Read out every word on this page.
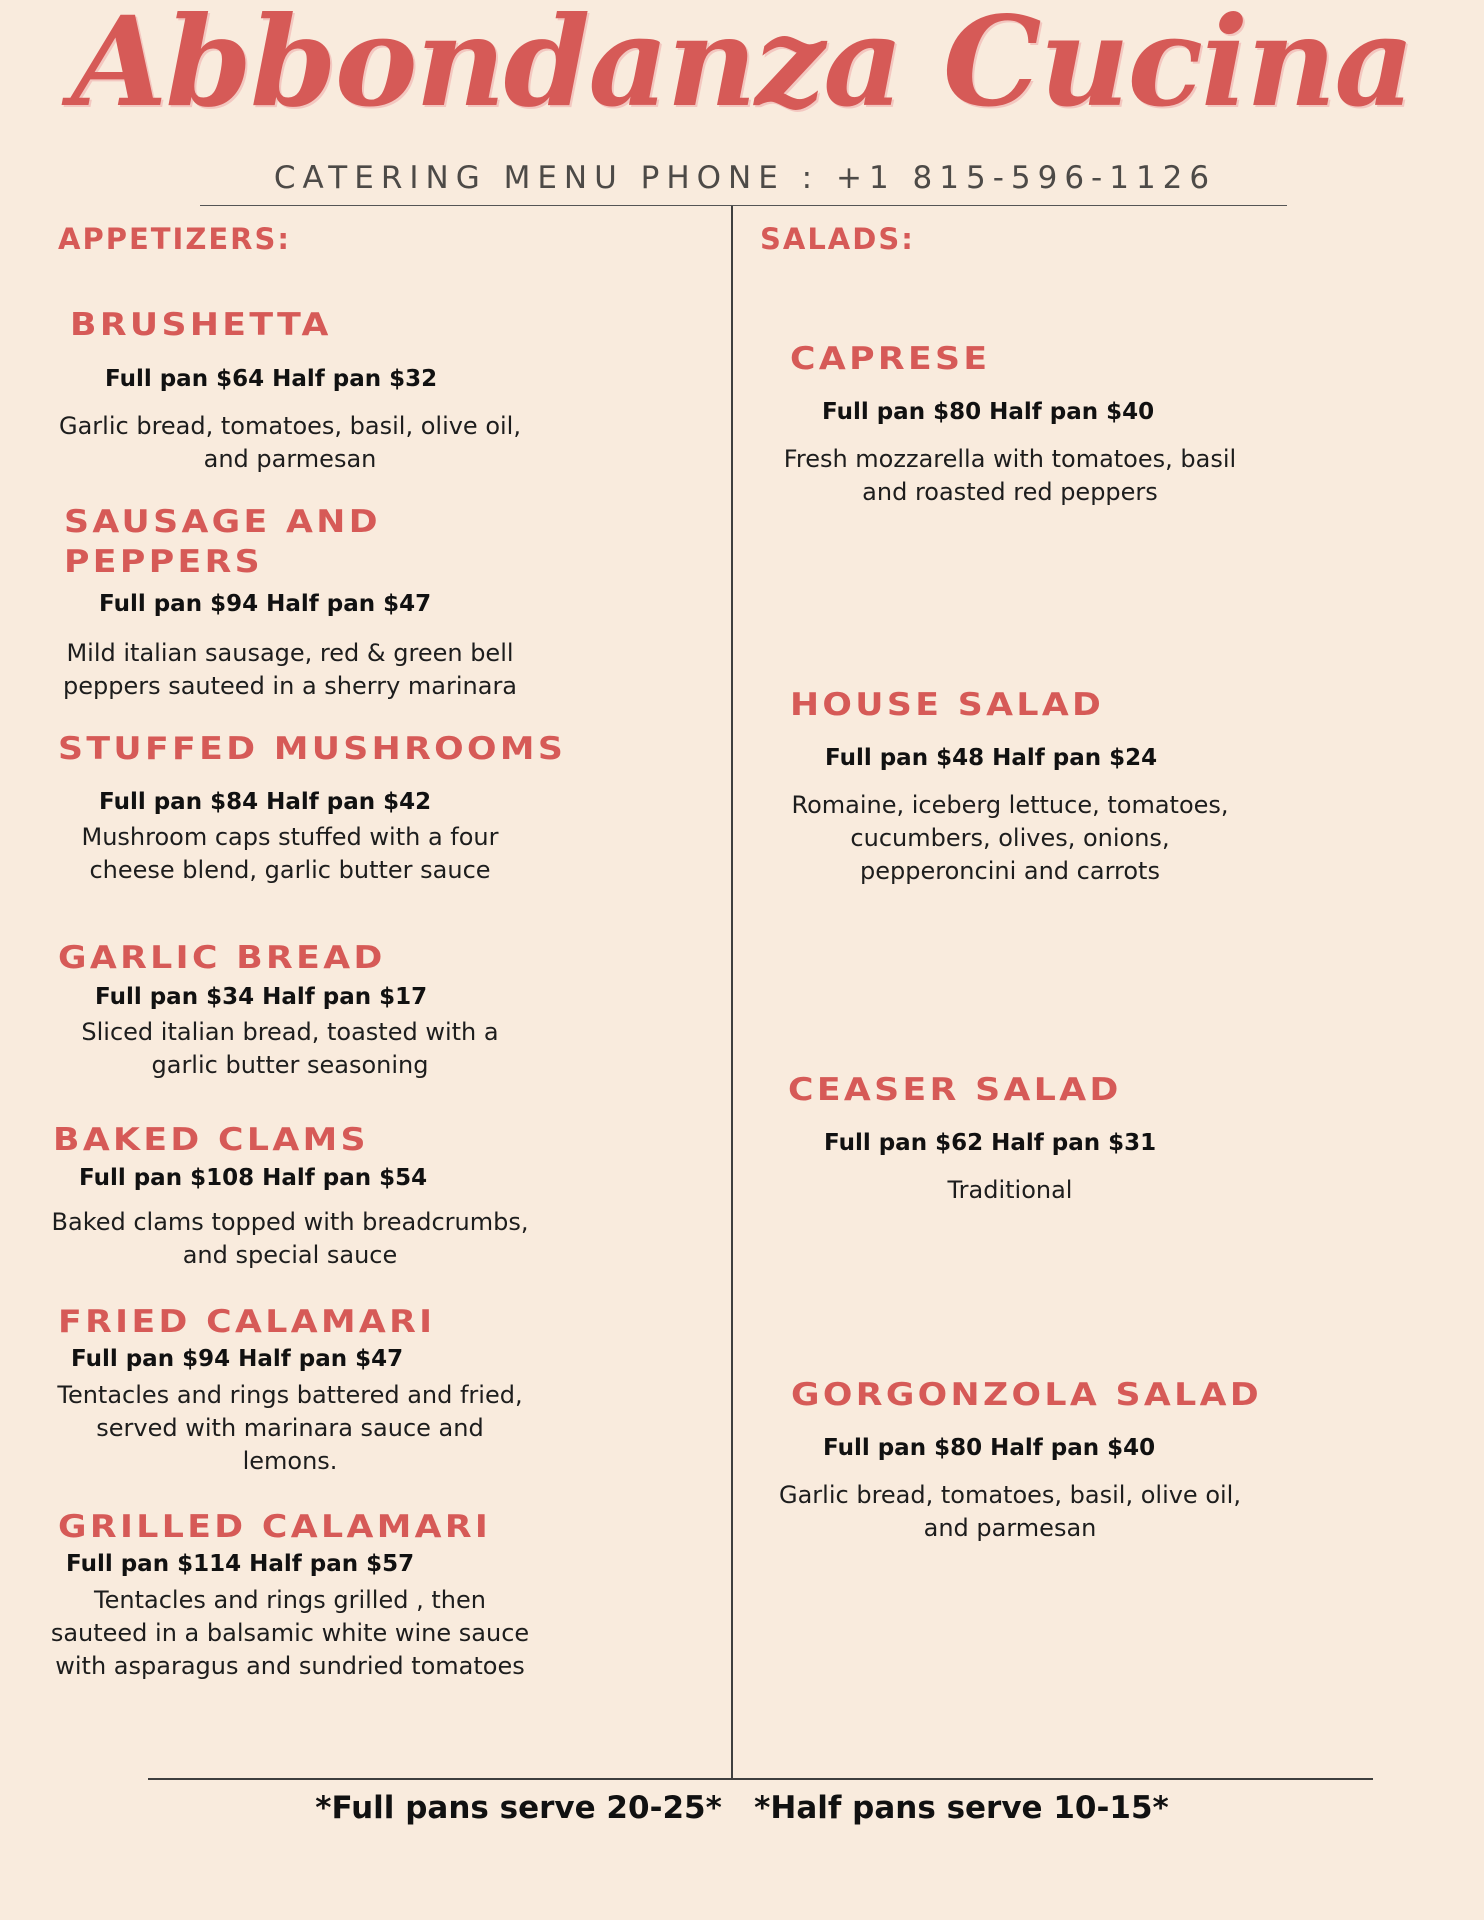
Abbondanza Cucina
CATERING MENU PHONE : +1 815-596-1126
APPETIZERS:
BRUSHETTA
Full pan $64 Half pan $32
Garlic bread, tomatoes, basil, olive oil, and parmesan
SAUSAGE AND PEPPERS
Full pan $94 Half pan $47
Mild italian sausage, red & green bell peppers sauteed in a sherry marinara
STUFFED MUSHROOMS
Full pan $84 Half pan $42
Mushroom caps stuffed with a four cheese blend, garlic butter sauce
GARLIC BREAD
Full pan $34 Half pan $17
Sliced italian bread, toasted with a garlic butter seasoning
BAKED CLAMS
Full pan $108 Half pan $54
Baked clams topped with breadcrumbs, and special sauce
FRIED CALAMARI
Full pan $94 Half pan $47
Tentacles and rings battered and fried, served with marinara sauce and lemons.
GRILLED CALAMARI
Full pan $114 Half pan $57
Tentacles and rings grilled , then sauteed in a balsamic white wine sauce with asparagus and sundried tomatoes
SALADS:
CAPRESE
Full pan $80 Half pan $40
Fresh mozzarella with tomatoes, basil and roasted red peppers
HOUSE SALAD
Full pan $48 Half pan $24
Romaine, iceberg lettuce, tomatoes, cucumbers, olives, onions, pepperoncini and carrots
CEASER SALAD
Full pan $62 Half pan $31
Traditional
GORGONZOLA SALAD
Full pan $80 Half pan $40
Garlic bread, tomatoes, basil, olive oil, and parmesan
*Full pans serve 20-25*   *Half pans serve 10-15*
